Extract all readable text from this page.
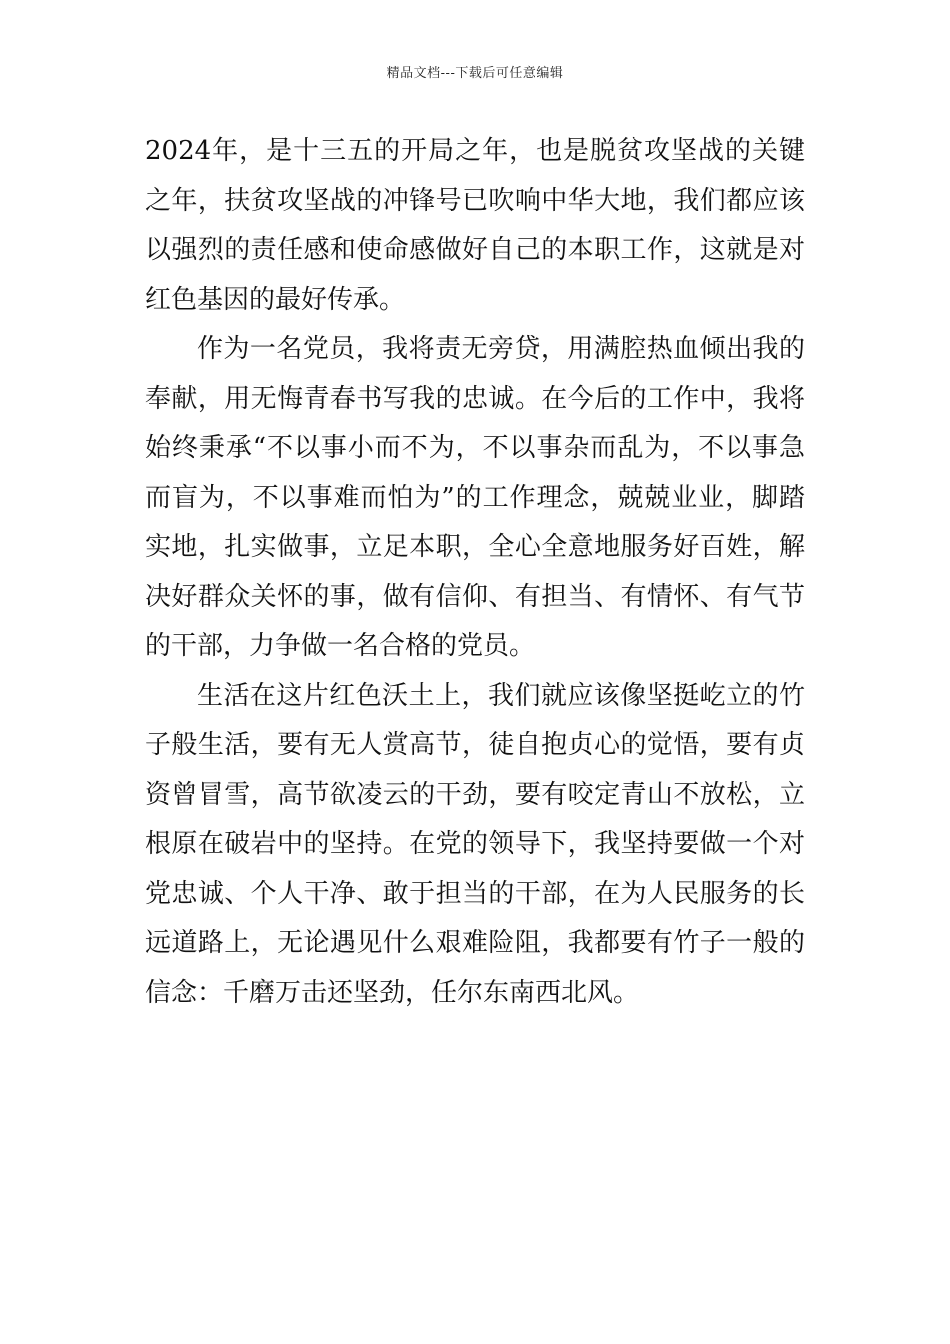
精品文档---下载后可任意编辑

2024年，是十三五的开局之年，也是脱贫攻坚战的关键之年，扶贫攻坚战的冲锋号已吹响中华大地，我们都应该以强烈的责任感和使命感做好自己的本职工作，这就是对红色基因的最好传承。

作为一名党员，我将责无旁贷，用满腔热血倾出我的奉献，用无悔青春书写我的忠诚。在今后的工作中，我将始终秉承“不以事小而不为，不以事杂而乱为，不以事急而盲为，不以事难而怕为”的工作理念，兢兢业业，脚踏实地，扎实做事，立足本职，全心全意地服务好百姓，解决好群众关怀的事，做有信仰、有担当、有情怀、有气节的干部，力争做一名合格的党员。

生活在这片红色沃土上，我们就应该像坚挺屹立的竹子般生活，要有无人赏高节，徒自抱贞心的觉悟，要有贞资曾冒雪，高节欲凌云的干劲，要有咬定青山不放松，立根原在破岩中的坚持。在党的领导下，我坚持要做一个对党忠诚、个人干净、敢于担当的干部，在为人民服务的长远道路上，无论遇见什么艰难险阻，我都要有竹子一般的信念：千磨万击还坚劲，任尔东南西北风。
